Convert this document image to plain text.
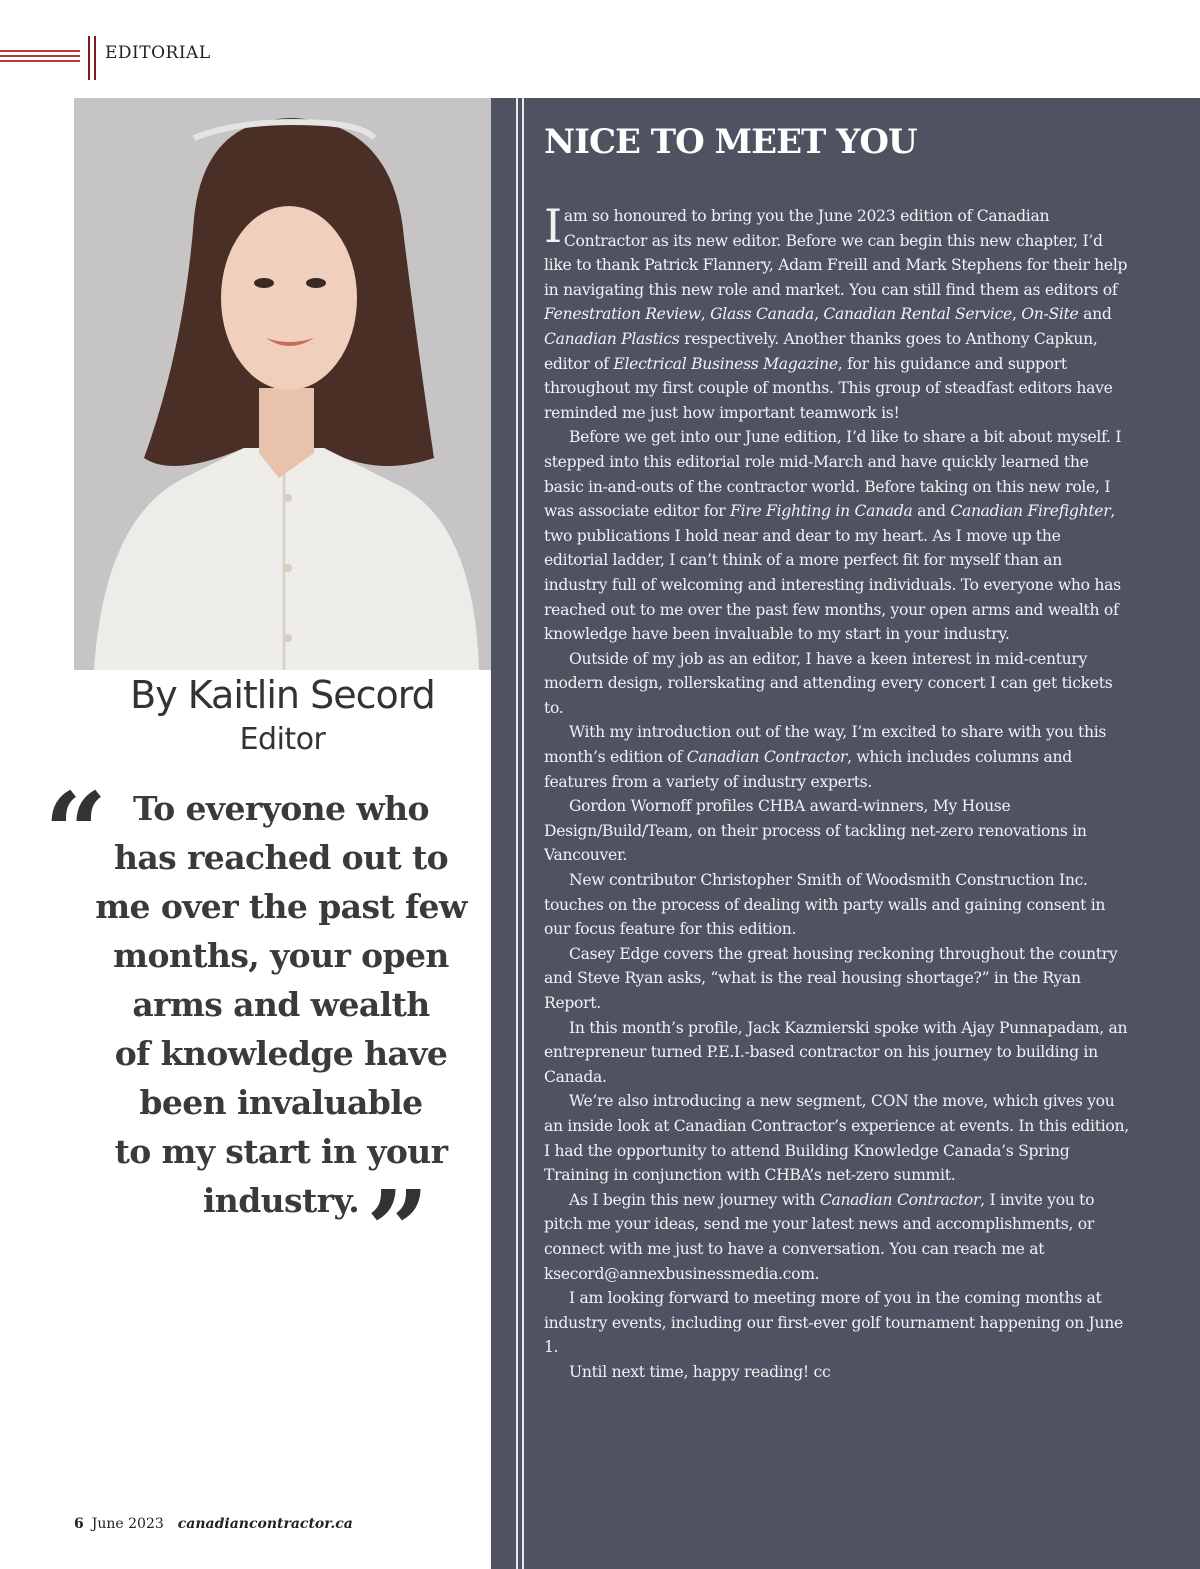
EDITORIAL
By Kaitlin Secord
Editor
“
”
To everyone who
has reached out to
me over the past few
months, your open
arms and wealth
of knowledge have
been invaluable
to my start in your
industry.
NICE TO MEET YOU

Iam so honoured to bring you the June 2023 edition of Canadian Contractor as its new editor. Before we can begin this new chapter, I’d like to thank Patrick Flannery, Adam Freill and Mark Stephens for their help in navigating this new role and market. You can still find them as editors of Fenestration Review, Glass Canada, Canadian Rental Service, On-Site and Canadian Plastics respectively. Another thanks goes to Anthony Capkun, editor of Electrical Business Magazine, for his guidance and support throughout my first couple of months. This group of steadfast editors have reminded me just how important teamwork is!

Before we get into our June edition, I’d like to share a bit about myself. I stepped into this editorial role mid-March and have quickly learned the basic in-and-outs of the contractor world. Before taking on this new role, I was associate editor for Fire Fighting in Canada and Canadian Firefighter, two publications I hold near and dear to my heart. As I move up the editorial ladder, I can’t think of a more perfect fit for myself than an industry full of welcoming and interesting individuals. To everyone who has reached out to me over the past few months, your open arms and wealth of knowledge have been invaluable to my start in your industry.

Outside of my job as an editor, I have a keen interest in mid-century modern design, rollerskating and attending every concert I can get tickets to.

With my introduction out of the way, I’m excited to share with you this month’s edition of Canadian Contractor, which includes columns and features from a variety of industry experts.

Gordon Wornoff profiles CHBA award-winners, My House Design/Build/Team, on their process of tackling net-zero renovations in Vancouver.

New contributor Christopher Smith of Woodsmith Construction Inc. touches on the process of dealing with party walls and gaining consent in our focus feature for this edition.

Casey Edge covers the great housing reckoning throughout the country and Steve Ryan asks, “what is the real housing shortage?” in the Ryan Report.

In this month’s profile, Jack Kazmierski spoke with Ajay Punnapadam, an entrepreneur turned P.E.I.-based contractor on his journey to building in Canada.

We’re also introducing a new segment, CON the move, which gives you an inside look at Canadian Contractor’s experience at events. In this edition, I had the opportunity to attend Building Knowledge Canada’s Spring Training in conjunction with CHBA’s net-zero summit.

As I begin this new journey with Canadian Contractor, I invite you to pitch me your ideas, send me your latest news and accomplishments, or connect with me just to have a conversation. You can reach me at ksecord@annexbusinessmedia.com.

I am looking forward to meeting more of you in the coming months at industry events, including our first-ever golf tournament happening on June 1.

Until next time, happy reading! cc

6 June 2023 canadiancontractor.ca
